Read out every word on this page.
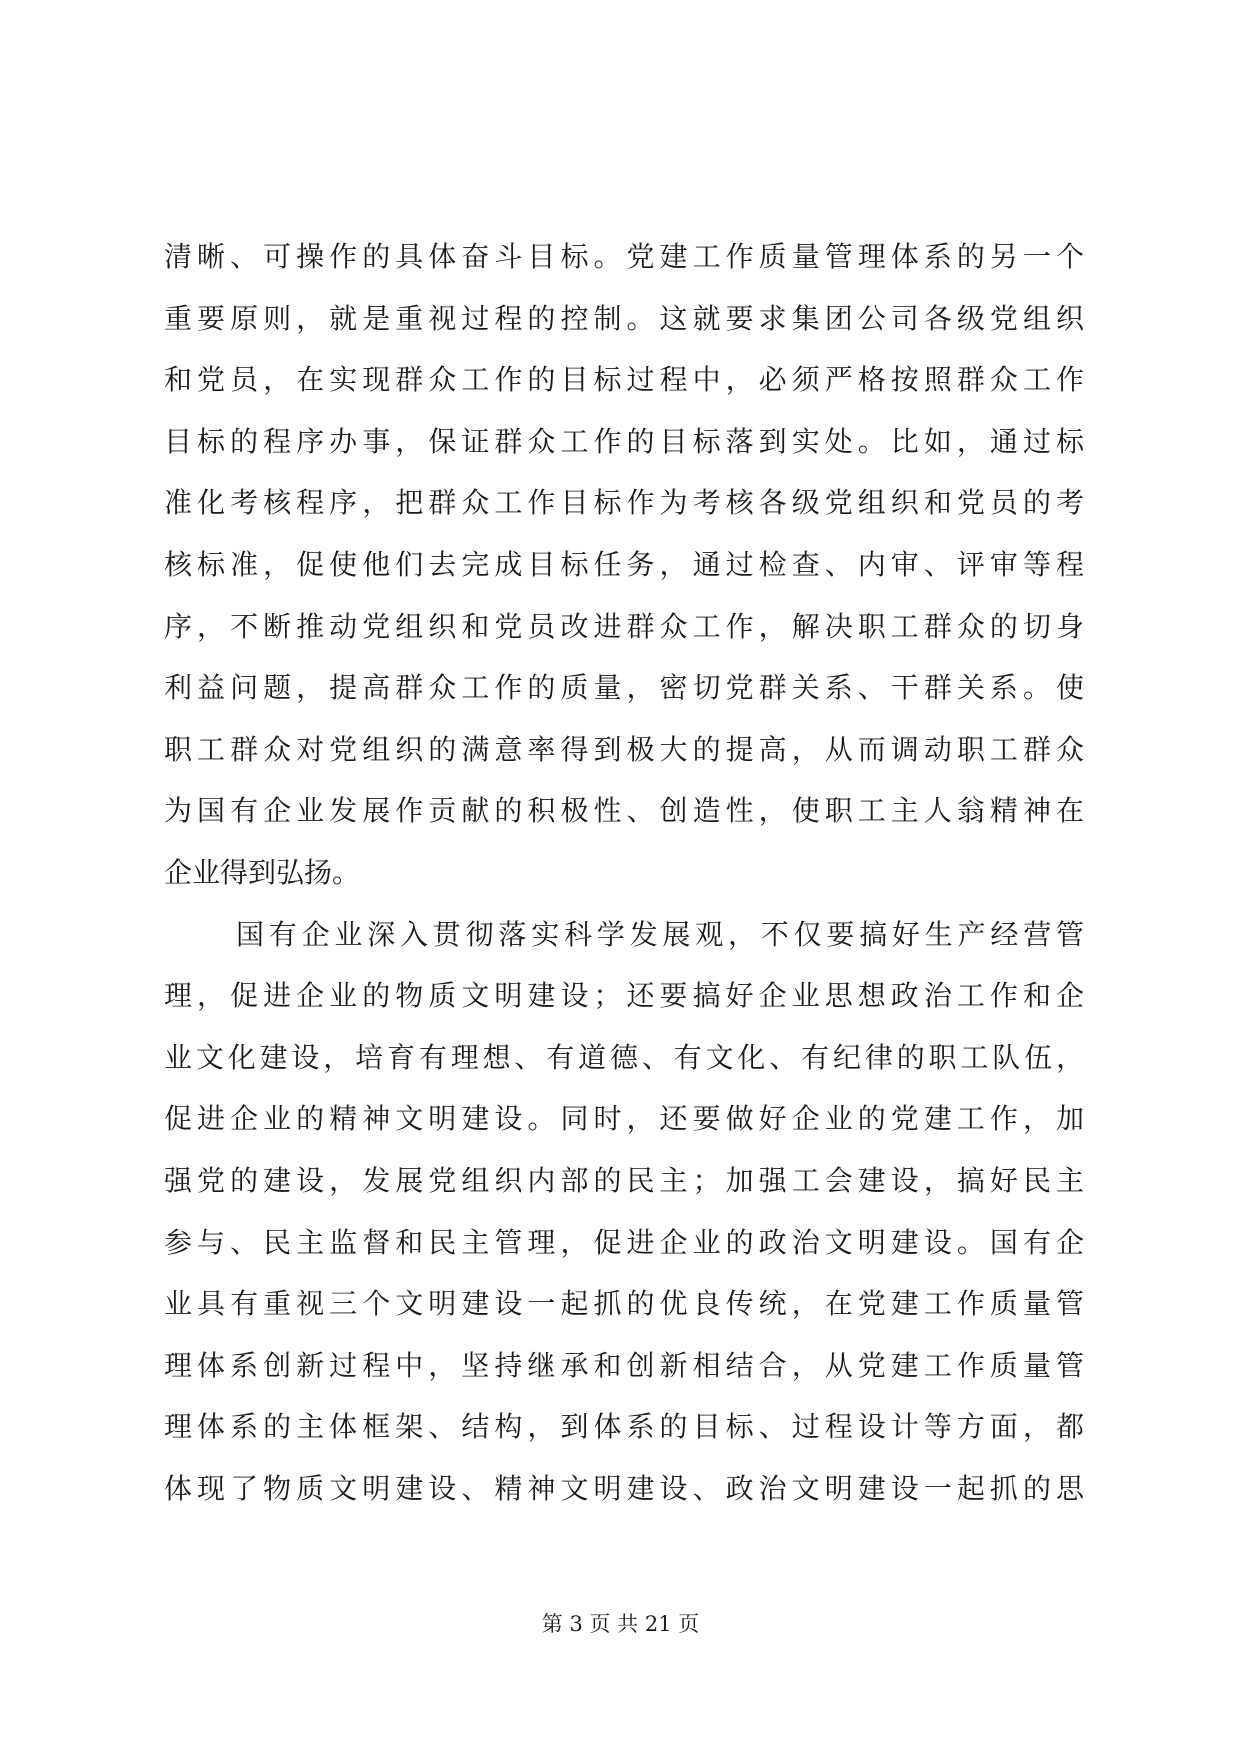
清晰、可操作的具体奋斗目标。党建工作质量管理体系的另一个
重要原则，就是重视过程的控制。这就要求集团公司各级党组织
和党员，在实现群众工作的目标过程中，必须严格按照群众工作
目标的程序办事，保证群众工作的目标落到实处。比如，通过标
准化考核程序，把群众工作目标作为考核各级党组织和党员的考
核标准，促使他们去完成目标任务，通过检查、内审、评审等程
序，不断推动党组织和党员改进群众工作，解决职工群众的切身
利益问题，提高群众工作的质量，密切党群关系、干群关系。使
职工群众对党组织的满意率得到极大的提高，从而调动职工群众
为国有企业发展作贡献的积极性、创造性，使职工主人翁精神在
企业得到弘扬。
国有企业深入贯彻落实科学发展观，不仅要搞好生产经营管
理，促进企业的物质文明建设；还要搞好企业思想政治工作和企
业文化建设，培育有理想、有道德、有文化、有纪律的职工队伍，
促进企业的精神文明建设。同时，还要做好企业的党建工作，加
强党的建设，发展党组织内部的民主；加强工会建设，搞好民主
参与、民主监督和民主管理，促进企业的政治文明建设。国有企
业具有重视三个文明建设一起抓的优良传统，在党建工作质量管
理体系创新过程中，坚持继承和创新相结合，从党建工作质量管
理体系的主体框架、结构，到体系的目标、过程设计等方面，都
体现了物质文明建设、精神文明建设、政治文明建设一起抓的思
第 3 页 共 21 页
